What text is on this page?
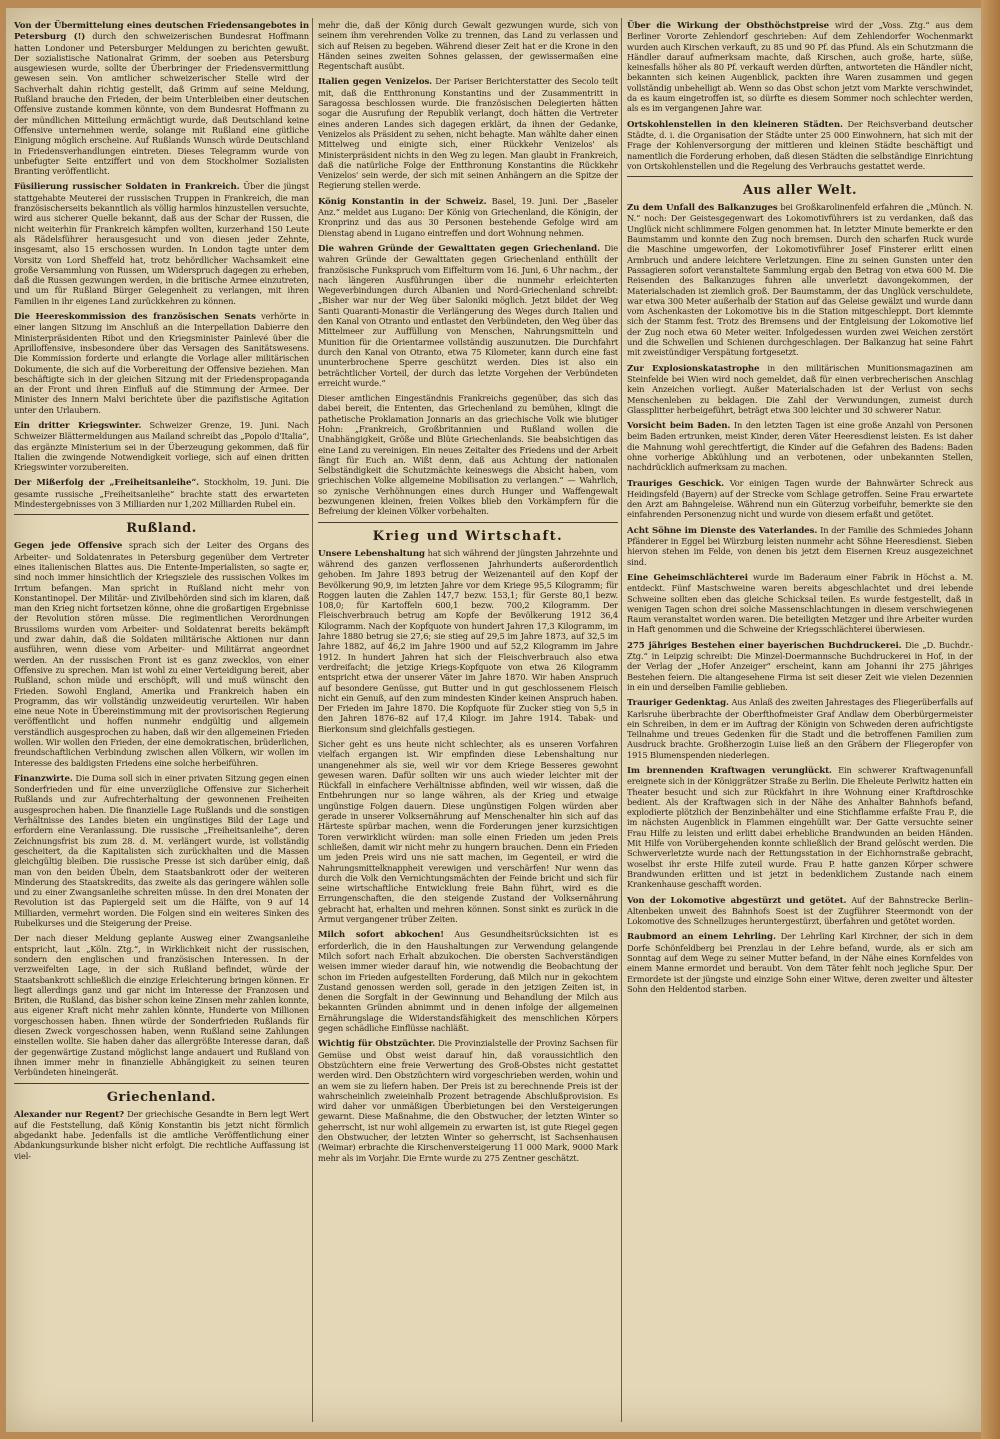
Von der Übermittelung eines deutschen Friedensangebotes in Petersburg (!) durch den schweizerischen Bundesrat Hoffmann hatten Londoner und Petersburger Meldungen zu berichten gewußt. Der sozialistische Nationalrat Grimm, der soeben aus Petersburg ausgewiesen wurde, sollte der Überbringer der Friedensvermittlung gewesen sein. Von amtlicher schweizerischer Stelle wird der Sachverhalt dahin richtig gestellt, daß Grimm auf seine Meldung, Rußland brauche den Frieden, der beim Unterbleiben einer deutschen Offensive zustande kommen könnte, von dem Bundesrat Hoffmann zu der mündlichen Mitteilung ermächtigt wurde, daß Deutschland keine Offensive unternehmen werde, solange mit Rußland eine gütliche Einigung möglich erscheine. Auf Rußlands Wunsch würde Deutschland in Friedensverhandlungen eintreten. Dieses Telegramm wurde von unbefugter Seite entziffert und von dem Stockholmer Sozialisten Branting veröffentlicht.

Füsilierung russischer Soldaten in Frankreich. Über die jüngst stattgehabte Meuterei der russischen Truppen in Frankreich, die man französischerseits bekanntlich als völlig harmlos hinzustellen versuchte, wird aus sicherer Quelle bekannt, daß aus der Schar der Russen, die nicht weiterhin für Frankreich kämpfen wollten, kurzerhand 150 Leute als Rädelsführer herausgesucht und von diesen jeder Zehnte, insgesamt, also 15 erschossen wurden. In London tagte unter dem Vorsitz von Lord Sheffeld hat, trotz behördlicher Wachsamkeit eine große Versammlung von Russen, um Widerspruch dagegen zu erheben, daß die Russen gezwungen werden, in die britische Armee einzutreten, und um für Rußland Bürger Gelegenheit zu verlangen, mit ihren Familien in ihr eigenes Land zurückkehren zu können.

Die Heereskommission des französischen Senats verhörte in einer langen Sitzung im Anschluß an die Interpellation Dabierre den Ministerpräsidenten Ribot und den Kriegsminister Painlevé über die Aprilloffensive, insbesondere über das Versagen des Sanitätswesens. Die Kommission forderte und erlangte die Vorlage aller militärischen Dokumente, die sich auf die Vorbereitung der Offensive beziehen. Man beschäftigte sich in der gleichen Sitzung mit der Friedenspropaganda an der Front und ihren Einfluß auf die Stimmung der Armee. Der Minister des Innern Malvi berichtete über die pazifistische Agitation unter den Urlaubern.

Ein dritter Kriegswinter. Schweizer Grenze, 19. Juni. Nach Schweizer Blättermeldungen aus Mailand schreibt das „Popolo d'Italia“, das ergänzte Ministerium sei in der Überzeugung gekommen, daß für Italien die zwingende Notwendigkeit vorliege, sich auf einen dritten Kriegswinter vorzubereiten.

Der Mißerfolg der „Freiheitsanleihe“. Stockholm, 19. Juni. Die gesamte russische „Freiheitsanleihe“ brachte statt des erwarteten Mindestergebnisses von 3 Milliarden nur 1,202 Milliarden Rubel ein.

Rußland.

Gegen jede Offensive sprach sich der Leiter des Organs des Arbeiter- und Soldatenrates in Petersburg gegenüber dem Vertreter eines italienischen Blattes aus. Die Entente-Imperialisten, so sagte er, sind noch immer hinsichtlich der Kriegsziele des russischen Volkes im Irrtum befangen. Man spricht in Rußland nicht mehr von Konstantinopel. Der Militär- und Zivilbehörden sind sich im klaren, daß man den Krieg nicht fortsetzen könne, ohne die großartigen Ergebnisse der Revolution stören müsse. Die regimentlichen Verordnungen Brussiloms wurden vom Arbeiter- und Soldatenrat bereits bekämpft und zwar dahin, daß die Soldaten militärische Aktionen nur dann ausführen, wenn diese vom Arbeiter- und Militärrat angeordnet werden. An der russischen Front ist es ganz zwecklos, von einer Offensive zu sprechen. Man ist wohl zu einer Verteidigung bereit, aber Rußland, schon müde und erschöpft, will und muß wünscht den Frieden. Sowohl England, Amerika und Frankreich haben ein Programm, das wir vollständig unzweideutig verurteilen. Wir haben eine neue Note in Übereinstimmung mit der provisorischen Regierung veröffentlicht und hoffen nunmehr endgültig und allgemein verständlich ausgesprochen zu haben, daß wir den allgemeinen Frieden wollen. Wir wollen den Frieden, der eine demokratischen, brüderlichen, freundschaftlichen Verbindung zwischen allen Völkern, wir wollen im Interesse des baldigsten Friedens eine solche herbeiführen.

Finanzwirte. Die Duma soll sich in einer privaten Sitzung gegen einen Sonderfrieden und für eine unverzügliche Offensive zur Sicherheit Rußlands und zur Aufrechterhaltung der gewonnenen Freiheiten ausgesprochen haben. Die finanzielle Lage Rußlands und die sonstigen Verhältnisse des Landes bieten ein ungünstiges Bild der Lage und erfordern eine Veranlassung. Die russische „Freiheitsanleihe“, deren Zeichnungsfrist bis zum 28. d. M. verlängert wurde, ist vollständig gescheitert, da die Kapitalisten sich zurückhalten und die Massen gleichgültig bleiben. Die russische Presse ist sich darüber einig, daß man von den beiden Übeln, dem Staatsbankrott oder der weiteren Minderung des Staatskredits, das zweite als das geringere wählen solle und zu einer Zwangsanleihe schreiten müsse. In den drei Monaten der Revolution ist das Papiergeld seit um die Hälfte, von 9 auf 14 Milliarden, vermehrt worden. Die Folgen sind ein weiteres Sinken des Rubelkurses und die Steigerung der Preise.

Der nach dieser Meldung geplante Ausweg einer Zwangsanleihe entspricht, laut „Köln. Ztg.“, in Wirklichkeit nicht der russischen, sondern den englischen und französischen Interessen. In der verzweifelten Lage, in der sich Rußland befindet, würde der Staatsbankrott schließlich die einzige Erleichterung bringen können. Er liegt allerdings ganz und gar nicht im Interesse der Franzosen und Briten, die Rußland, das bisher schon keine Zinsen mehr zahlen konnte, aus eigener Kraft nicht mehr zahlen könnte, Hunderte von Millionen vorgeschossen haben. Ihnen würde der Sonderfrieden Rußlands für diesen Zweck vorgeschossen haben, wenn Rußland seine Zahlungen einstellen wollte. Sie haben daher das allergrößte Interesse daran, daß der gegenwärtige Zustand möglichst lange andauert und Rußland von ihnen immer mehr in finanzielle Abhängigkeit zu seinen teuren Verbündeten hineingerät.

Griechenland.

Alexander nur Regent? Der griechische Gesandte in Bern legt Wert auf die Feststellung, daß König Konstantin bis jetzt nicht förmlich abgedankt habe. Jedenfalls ist die amtliche Veröffentlichung einer Abdankungsurkunde bisher nicht erfolgt. Die rechtliche Auffassung ist viel-

mehr die, daß der König durch Gewalt gezwungen wurde, sich von seinem ihm verehrenden Volke zu trennen, das Land zu verlassen und sich auf Reisen zu begeben. Während dieser Zeit hat er die Krone in den Händen seines zweiten Sohnes gelassen, der gewissermaßen eine Regentschaft ausübt.

Italien gegen Venizelos. Der Pariser Berichterstatter des Secolo teilt mit, daß die Entthronung Konstantins und der Zusammentritt in Saragossa beschlossen wurde. Die französischen Delegierten hätten sogar die Ausrufung der Republik verlangt, doch hätten die Vertreter eines anderen Landes sich dagegen erklärt, da ihnen der Gedanke, Venizelos als Präsident zu sehen, nicht behagte. Man wählte daher einen Mittelweg und einigte sich, einer Rückkehr Venizelos' als Ministerpräsident nichts in den Weg zu legen. Man glaubt in Frankreich, daß die natürliche Folge der Entthronung Konstantins die Rückkehr Venizelos' sein werde, der sich mit seinen Anhängern an die Spitze der Regierung stellen werde.

König Konstantin in der Schweiz. Basel, 19. Juni. Der „Baseler Anz.“ meldet aus Lugano: Der König von Griechenland, die Königin, der Kronprinz und das aus 30 Personen bestehende Gefolge wird am Dienstag abend in Lugano eintreffen und dort Wohnung nehmen.

Die wahren Gründe der Gewalttaten gegen Griechenland. Die wahren Gründe der Gewalttaten gegen Griechenland enthüllt der französische Funkspruch vom Eiffelturm vom 16. Juni, 6 Uhr nachm., der nach längeren Ausführungen über die nunmehr erleichterten Wegeverbindungen durch Albanien und Nord-Griechenland schreibt: „Bisher war nur der Weg über Saloniki möglich. Jetzt bildet der Weg Santi Quaranti-Monastir die Verlängerung des Weges durch Italien und den Kanal von Otranto und entlastet den Verbündeten, den Weg über das Mittelmeer zur Auffüllung von Menschen, Nahrungsmitteln und Munition für die Orientarmee vollständig auszunutzen. Die Durchfahrt durch den Kanal von Otranto, etwa 75 Kilometer, kann durch eine fast ununterbrochene Sperre geschützt werden. Dies ist also ein beträchtlicher Vorteil, der durch das letzte Vorgehen der Verbündeten erreicht wurde.“

Dieser amtlichen Eingeständnis Frankreichs gegenüber, das sich das dabei bereit, die Ententen, das Griechenland zu bemühen, klingt die pathetische Proklamation Jonnaris an das griechische Volk wie blutiger Hohn: „Frankreich, Großbritannien und Rußland wollen die Unabhängigkeit, Größe und Blüte Griechenlands. Sie beabsichtigen das eine Land zu vereinigen. Ein neues Zeitalter des Friedens und der Arbeit fängt für Euch an. Wißt denn, daß aus Achtung der nationalen Selbständigkeit die Schutzmächte keineswegs die Absicht haben, vom griechischen Volke allgemeine Mobilisation zu verlangen.“ — Wahrlich, so zynische Verhöhnungen eines durch Hunger und Waffengewalt bezwungenen kleinen, freien Volkes blieb den Vorkämpfern für die Befreiung der kleinen Völker vorbehalten.

Krieg und Wirtschaft.

Unsere Lebenshaltung hat sich während der jüngsten Jahrzehnte und während des ganzen verflossenen Jahrhunderts außerordentlich gehoben. Im Jahre 1893 betrug der Weizenanteil auf den Kopf der Bevölkerung 90,9, im letzten Jahre vor dem Kriege 95,5 Kilogramm; für Roggen lauten die Zahlen 147,7 bezw. 153,1; für Gerste 80,1 bezw. 108,0; für Kartoffeln 600,1 bezw. 700,2 Kilogramm. Der Fleischverbrauch betrug am Kopfe der Bevölkerung 1912 36,4 Kilogramm. Nach der Kopfquote von hundert Jahren 17,3 Kilogramm, im Jahre 1880 betrug sie 27,6; sie stieg auf 29,5 im Jahre 1873, auf 32,5 im Jahre 1882, auf 46,2 im Jahre 1900 und auf 52,2 Kilogramm im Jahre 1912. In hundert Jahren hat sich der Fleischverbrauch also etwa verdreifacht; die jetzige Kriegs-Kopfquote von etwa 26 Kilogramm entspricht etwa der unserer Väter im Jahre 1870. Wir haben Anspruch auf besondere Genüsse, gut Butter und in gut geschlossenem Fleisch nicht ein Genuß, auf den zum mindesten Kinder keinen Anspruch haben. Der Frieden im Jahre 1870. Die Kopfquote für Zucker stieg von 5,5 in den Jahren 1876–82 auf 17,4 Kilogr. im Jahre 1914. Tabak- und Bierkonsum sind gleichfalls gestiegen.

Sicher geht es uns heute nicht schlechter, als es unseren Vorfahren vielfach ergangen ist. Wir empfinden diese Lebenshaltung nur unangenehmer als sie, weil wir vor dem Kriege Besseres gewohnt gewesen waren. Dafür sollten wir uns auch wieder leichter mit der Rückfall in einfachere Verhältnisse abfinden, weil wir wissen, daß die Entbehrungen nur so lange währen, als der Krieg und etwaige ungünstige Folgen dauern. Diese ungünstigen Folgen würden aber gerade in unserer Volksernährung auf Menschenalter hin sich auf das Härteste spürbar machen, wenn die Forderungen jener kurzsichtigen Toren verwirklicht würden: man solle einen Frieden um jeden Preis schließen, damit wir nicht mehr zu hungern brauchen. Denn ein Frieden um jeden Preis wird uns nie satt machen, im Gegenteil, er wird die Nahrungsmittelknappheit verewigen und verschärfen! Nur wenn das durch die Volk den Vernichtungsmächten der Feinde bricht und sich für seine wirtschaftliche Entwicklung freie Bahn führt, wird es die Errungenschaften, die den steigende Zustand der Volksernährung gebracht hat, erhalten und mehren können. Sonst sinkt es zurück in die Armut vergangener trüber Zeiten.

Milch sofort abkochen! Aus Gesundheitsrücksichten ist es erforderlich, die in den Haushaltungen zur Verwendung gelangende Milch sofort nach Erhalt abzukochen. Die obersten Sachverständigen weisen immer wieder darauf hin, wie notwendig die Beobachtung der schon im Frieden aufgestellten Forderung, daß Milch nur in gekochtem Zustand genossen werden soll, gerade in den jetzigen Zeiten ist, in denen die Sorgfalt in der Gewinnung und Behandlung der Milch aus bekannten Gründen abnimmt und in denen infolge der allgemeinen Ernährungslage die Widerstandsfähigkeit des menschlichen Körpers gegen schädliche Einflüsse nachläßt.

Wichtig für Obstzüchter. Die Provinzialstelle der Provinz Sachsen für Gemüse und Obst weist darauf hin, daß voraussichtlich den Obstzüchtern eine freie Verwertung des Groß-Obstes nicht gestattet werden wird. Den Obstzüchtern wird vorgeschrieben werden, wohin und an wem sie zu liefern haben. Der Preis ist zu berechnende Preis ist der wahrscheinlich zweieinhalb Prozent betragende Abschlußprovision. Es wird daher vor unmäßigen Überbietungen bei den Versteigerungen gewarnt. Diese Maßnahme, die den Obstwucher, der letzten Winter so geherrscht, ist nur wohl allgemein zu erwarten ist, ist gute Riegel gegen den Obstwucher, der letzten Winter so geherrscht, ist Sachsenhausen (Weimar) erbrachte die Kirschenversteigerung 11 000 Mark, 9000 Mark mehr als im Vorjahr. Die Ernte wurde zu 275 Zentner geschätzt.

Über die Wirkung der Obsthöchstpreise wird der „Voss. Ztg.“ aus dem Berliner Vororte Zehlendorf geschrieben: Auf dem Zehlendorfer Wochenmarkt wurden auch Kirschen verkauft, zu 85 und 90 Pf. das Pfund. Als ein Schutzmann die Händler darauf aufmerksam machte, daß Kirschen, auch große, harte, süße, keinesfalls höher als 80 Pf. verkauft werden dürften, antworteten die Händler nicht, bekannten sich keinen Augenblick, packten ihre Waren zusammen und gegen vollständig unbehelligt ab. Wenn so das Obst schon jetzt vom Markte verschwindet, da es kaum eingetroffen ist, so dürfte es diesem Sommer noch schlechter werden, als es im vergangenen Jahre war.

Ortskohlenstellen in den kleineren Städten. Der Reichsverband deutscher Städte, d. i. die Organisation der Städte unter 25 000 Einwohnern, hat sich mit der Frage der Kohlenversorgung der mittleren und kleinen Städte beschäftigt und namentlich die Forderung erhoben, daß diesen Städten die selbständige Einrichtung von Ortskohlenstellen und die Regelung des Verbrauchs gestattet werde.

Aus aller Welt.

Zu dem Unfall des Balkanzuges bei Großkarolinenfeld erfahren die „Münch. N. N.“ noch: Der Geistesgegenwart des Lokomotivführers ist zu verdanken, daß das Unglück nicht schlimmere Folgen genommen hat. In letzter Minute bemerkte er den Baumstamm und konnte den Zug noch bremsen. Durch den scharfen Ruck wurde die Maschine umgeworfen, der Lokomotivführer Josef Finsterer erlitt einen Armbruch und andere leichtere Verletzungen. Eine zu seinen Gunsten unter den Passagieren sofort veranstaltete Sammlung ergab den Betrag von etwa 600 M. Die Reisenden des Balkanzuges fuhren alle unverletzt davongekommen, der Materialschaden ist ziemlich groß. Der Baumstamm, der das Unglück verschuldete, war etwa 300 Meter außerhalb der Station auf das Geleise gewälzt und wurde dann vom Aschenkasten der Lokomotive bis in die Station mitgeschleppt. Dort klemmte sich der Stamm fest. Trotz des Bremsens und der Entgleisung der Lokomotive lief der Zug noch etwa 60 Meter weiter. Infolgedessen wurden zwei Weichen zerstört und die Schwellen und Schienen durchgeschlagen. Der Balkanzug hat seine Fahrt mit zweistündiger Verspätung fortgesetzt.

Zur Explosionskatastrophe in den militärischen Munitionsmagazinen am Steinfelde bei Wien wird noch gemeldet, daß für einen verbrecherischen Anschlag kein Anzeichen vorliegt. Außer Materialschaden ist der Verlust von sechs Menschenleben zu beklagen. Die Zahl der Verwundungen, zumeist durch Glassplitter herbeigeführt, beträgt etwa 300 leichter und 30 schwerer Natur.

Vorsicht beim Baden. In den letzten Tagen ist eine große Anzahl von Personen beim Baden ertrunken, meist Kinder, deren Väter Heeresdienst leisten. Es ist daher die Mahnung wohl gerechtfertigt, die Kinder auf die Gefahren des Badens: Baden ohne vorherige Abkühlung und an verbotenen, oder unbekannten Stellen, nachdrücklich aufmerksam zu machen.

Trauriges Geschick. Vor einigen Tagen wurde der Bahnwärter Schreck aus Heidingsfeld (Bayern) auf der Strecke vom Schlage getroffen. Seine Frau erwartete den Arzt am Bahngeleise. Während nun ein Güterzug vorbeifuhr, bemerkte sie den einfahrenden Personenzug nicht und wurde von diesem erfaßt und getötet.

Acht Söhne im Dienste des Vaterlandes. In der Familie des Schmiedes Johann Pfänderer in Eggel bei Würzburg leisten nunmehr acht Söhne Heeresdienst. Sieben hiervon stehen im Felde, von denen bis jetzt dem Eisernen Kreuz ausgezeichnet sind.

Eine Geheimschlächterei wurde im Baderaum einer Fabrik in Höchst a. M. entdeckt. Fünf Mastschweine waren bereits abgeschlachtet und drei lebende Schweine sollten eben das gleiche Schicksal teilen. Es wurde festgestellt, daß in wenigen Tagen schon drei solche Massenschlachtungen in diesem verschwiegenen Raum veranstaltet worden waren. Die beteiligten Metzger und ihre Arbeiter wurden in Haft genommen und die Schweine der Kriegsschlächterei überwiesen.

275 jähriges Bestehen einer bayerischen Buchdruckerei. Die „D. Buchdr.-Ztg.“ in Leipzig schreibt: Die Minzel-Doermannsche Buchdruckerei in Hof, in der der Verlag der „Hofer Anzeiger“ erscheint, kann am Johanni ihr 275 jähriges Bestehen feiern. Die altangesehene Firma ist seit dieser Zeit wie vielen Dezennien in ein und derselben Familie geblieben.

Trauriger Gedenktag. Aus Anlaß des zweiten Jahrestages des Fliegerüberfalls auf Karlsruhe überbrachte der Oberfthofmeister Graf Andlaw dem Oberbürgermeister ein Schreiben, in dem er im Auftrag der Königin von Schweden deren aufrichtigste Teilnahme und treues Gedenken für die Stadt und die betroffenen Familien zum Ausdruck brachte. Großherzogin Luise ließ an den Gräbern der Fliegeropfer von 1915 Blumenspenden niederlegen.

Im brennenden Kraftwagen verunglückt. Ein schwerer Kraftwagenunfall ereignete sich in der Königgrätzer Straße zu Berlin. Die Eheleute Perlwitz hatten ein Theater besucht und sich zur Rückfahrt in ihre Wohnung einer Kraftdroschke bedient. Als der Kraftwagen sich in der Nähe des Anhalter Bahnhofs befand, explodierte plötzlich der Benzinbehälter und eine Stichflamme erfaßte Frau P., die im nächsten Augenblick in Flammen eingehüllt war. Der Gatte versuchte seiner Frau Hilfe zu leisten und erlitt dabei erhebliche Brandwunden an beiden Händen. Mit Hilfe von Vorübergehenden konnte schließlich der Brand gelöscht werden. Die Schwerverletzte wurde nach der Rettungsstation in der Eichhornstraße gebracht, woselbst ihr erste Hilfe zuteil wurde. Frau P. hatte ganzen Körper schwere Brandwunden erlitten und ist jetzt in bedenklichem Zustande nach einem Krankenhause geschafft worden.

Von der Lokomotive abgestürzt und getötet. Auf der Bahnstrecke Berlin–Altenbeken unweit des Bahnhofs Soest ist der Zugführer Steermondt von der Lokomotive des Schnellzuges heruntergestürzt, überfahren und getötet worden.

Raubmord an einem Lehrling. Der Lehrling Karl Kirchner, der sich in dem Dorfe Schönfeldberg bei Prenzlau in der Lehre befand, wurde, als er sich am Sonntag auf dem Wege zu seiner Mutter befand, in der Nähe eines Kornfeldes von einem Manne ermordet und beraubt. Von dem Täter fehlt noch jegliche Spur. Der Ermordete ist der jüngste und einzige Sohn einer Witwe, deren zweiter und ältester Sohn den Heldentod starben.
